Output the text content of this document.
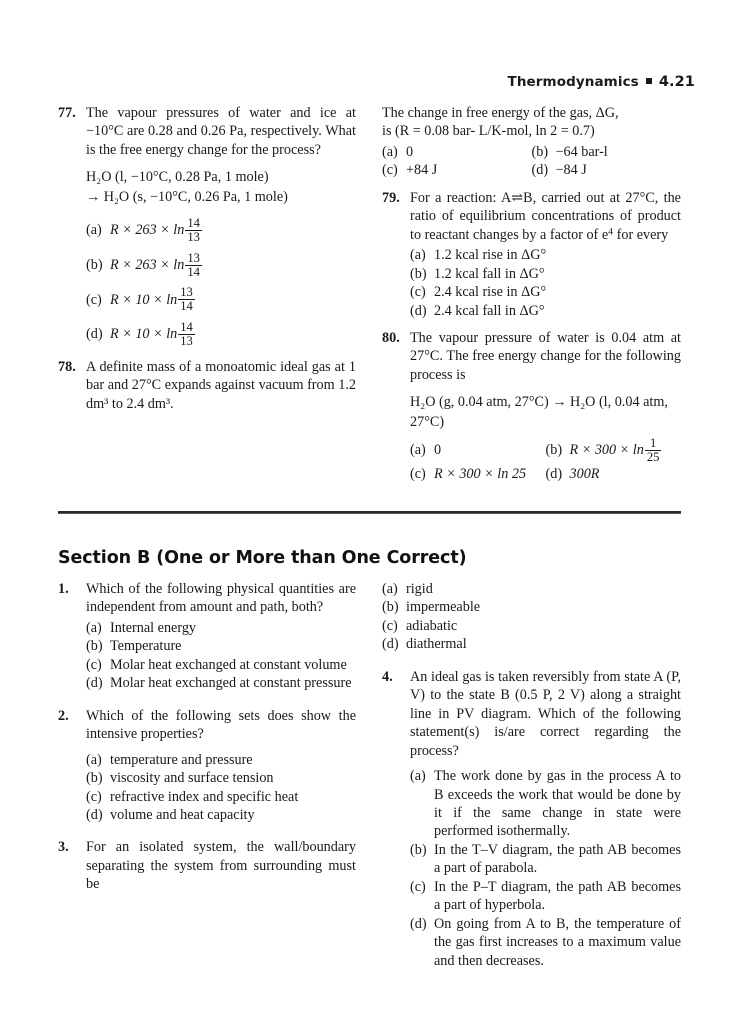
Thermodynamics 4.21
77. The vapour pressures of water and ice at −10°C are 0.28 and 0.26 Pa, respectively. What is the free energy change for the process?

H₂O (l, −10°C, 0.28 Pa, 1 mole)
→ H₂O (s, −10°C, 0.26 Pa, 1 mole)
(a) $R \times 263 \times \ln \frac{14}{13}$
(b) $R \times 263 \times \ln \frac{13}{14}$
(c) $R \times 10 \times \ln \frac{13}{14}$
(d) $R \times 10 \times \ln \frac{14}{13}$
78. A definite mass of a monoatomic ideal gas at 1 bar and 27°C expands against vacuum from 1.2 dm³ to 2.4 dm³.

The change in free energy of the gas, ΔG,
is (R = 0.08 bar- L/K-mol, ln 2 = 0.7)
(a) 0	(b) −64 bar-l
(c) +84 J	(d) −84 J
79. For a reaction: A⇌B, carried out at 27°C, the ratio of equilibrium concentrations of product to reactant changes by a factor of $e^4$ for every

(a) 1.2 kcal rise in ΔG°
(b) 1.2 kcal fall in ΔG°
(c) 2.4 kcal rise in ΔG°
(d) 2.4 kcal fall in ΔG°
80. The vapour pressure of water is 0.04 atm at 27°C. The free energy change for the following process is

H₂O (g, 0.04 atm, 27°C) → H₂O (l, 0.04 atm,
27°C)
(a) 0	(b) $R \times 300 \times \ln \frac{1}{25}$
(c) R × 300 × ln 25 (d) 300R
Section B (One or More than One Correct)
1.	Which of the following physical quantities are independent from amount and path, both?

(a) Internal energy
(b) Temperature
(c) Molar heat exchanged at constant volume
(d) Molar heat exchanged at constant pressure
2.	Which of the following sets does show the intensive properties?

(a) temperature and pressure
(b) viscosity and surface tension
(c) refractive index and specific heat
(d) volume and heat capacity
3.	For an isolated system, the wall/boundary separating the system from surrounding must be

(a) rigid
(b) impermeable
(c) adiabatic
(d) diathermal
4.	An ideal gas is taken reversibly from state A (P, V) to the state B (0.5 P, 2 V) along a straight line in PV diagram. Which of the following statement(s) is/are correct regarding the process?

(a) The work done by gas in the process A to B exceeds the work that would be done by it if the same change in state were performed isothermally.
(b) In the T–V diagram, the path AB becomes a part of parabola.
(c) In the P–T diagram, the path AB becomes a part of hyperbola.
(d) On going from A to B, the temperature of the gas first increases to a maximum value and then decreases.
